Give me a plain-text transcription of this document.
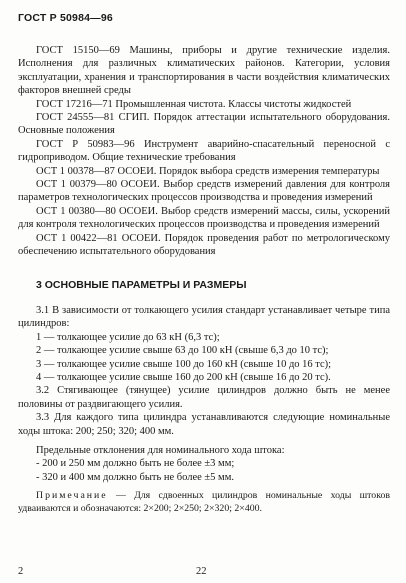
ГОСТ Р 50984—96

ГОСТ 15150—69 Машины, приборы и другие технические изделия. Исполнения для различных климатических районов. Категории, условия эксплуатации, хранения и транспортирования в части воздействия климатических факторов внешней среды

ГОСТ 17216—71 Промышленная чистота. Классы чистоты жидкостей

ГОСТ 24555—81 СГИП. Порядок аттестации испытательного оборудования. Основные положения

ГОСТ Р 50983—96 Инструмент аварийно-спасательный переносной с гидроприводом. Общие технические требования

ОСТ 1 00378—87 ОСОЕИ. Порядок выбора средств измерения температуры

ОСТ 1 00379—80 ОСОЕИ. Выбор средств измерений давления для контроля параметров технологических процессов производства и проведения измерений

ОСТ 1 00380—80 ОСОЕИ. Выбор средств измерений массы, силы, ускорений для контроля технологических процессов производства и проведения измерений

ОСТ 1 00422—81 ОСОЕИ. Порядок проведения работ по метрологическому обеспечению испытательного оборудования

3 ОСНОВНЫЕ ПАРАМЕТРЫ И РАЗМЕРЫ

3.1 В зависимости от толкающего усилия стандарт устанавливает четыре типа цилиндров:

1 — толкающее усилие до 63 кН (6,3 тс);

2 — толкающее усилие свыше 63 до 100 кН (свыше 6,3 до 10 тс);

3 — толкающее усилие свыше 100 до 160 кН (свыше 10 до 16 тс);

4 — толкающее усилие свыше 160 до 200 кН (свыше 16 до 20 тс).

3.2 Стягивающее (тянущее) усилие цилиндров должно быть не менее половины от раздвигающего усилия.

3.3 Для каждого типа цилиндра устанавливаются следующие номинальные ходы штока: 200; 250; 320; 400 мм.

Предельные отклонения для номинального хода штока:

- 200 и 250 мм должно быть не более ±3 мм;

- 320 и 400 мм должно быть не более ±5 мм.

Примечание — Для сдвоенных цилиндров номинальные ходы штоков удваиваются и обозначаются: 2×200; 2×250; 2×320; 2×400.

2	22
